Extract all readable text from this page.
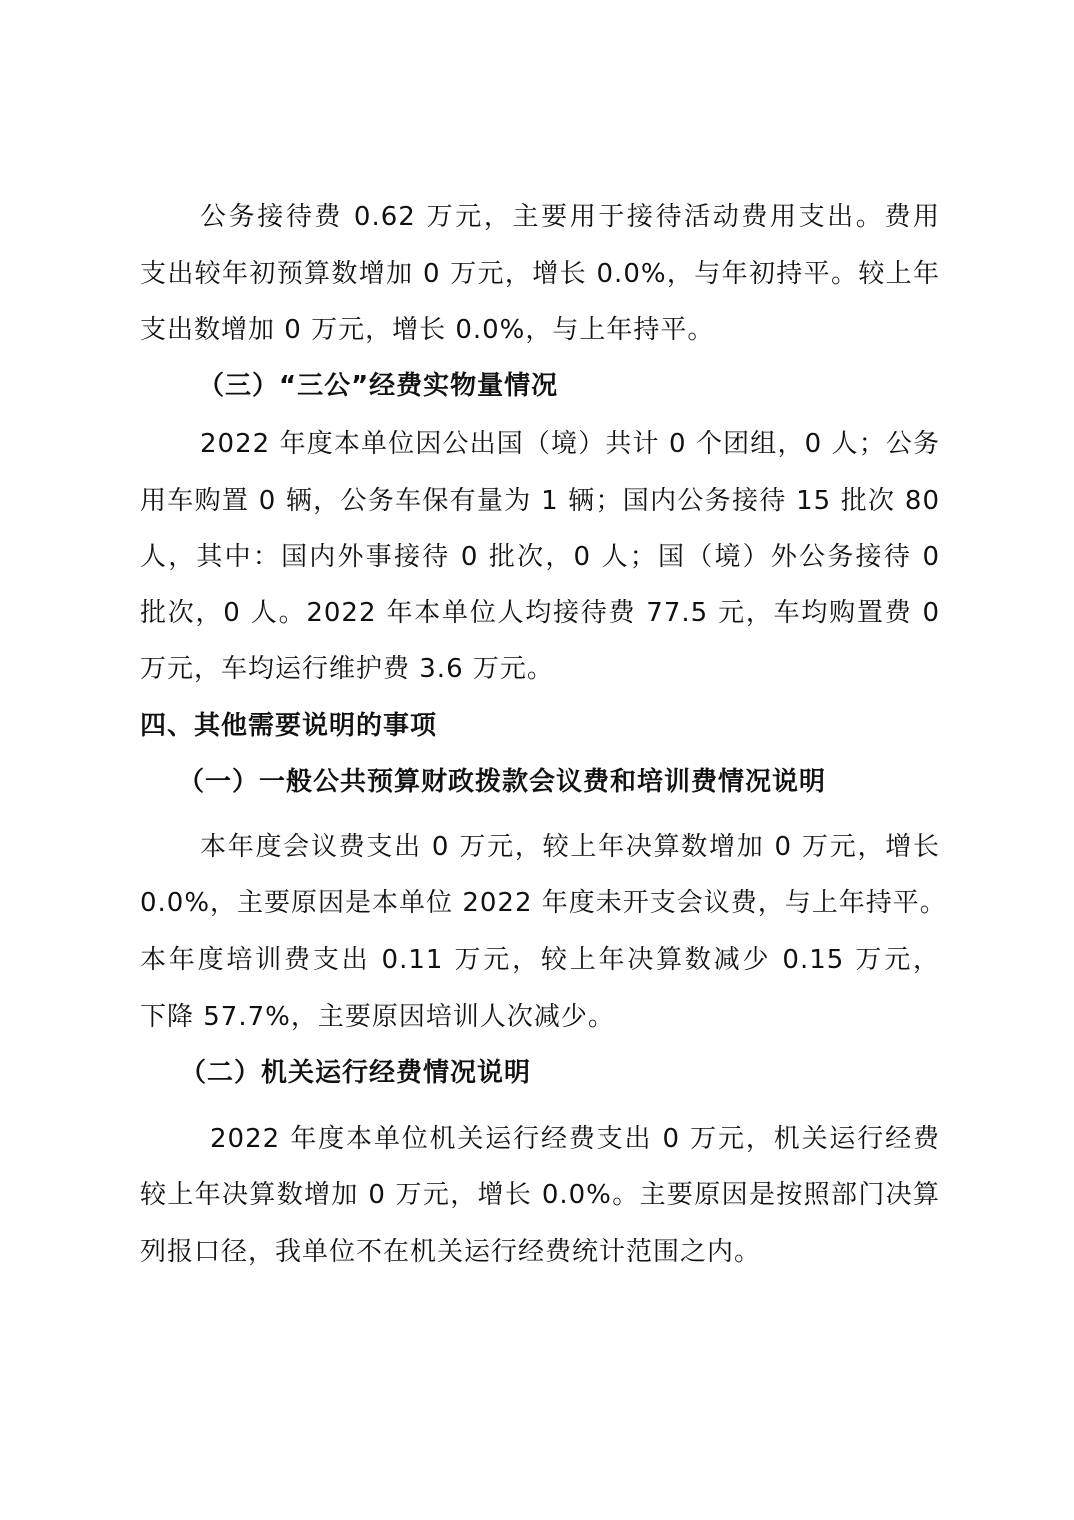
公务接待费 0.62 万元，主要用于接待活动费用支出。费用
支出较年初预算数增加 0 万元，增长 0.0%，与年初持平。较上年
支出数增加 0 万元，增长 0.0%，与上年持平。
（三）“三公”经费实物量情况
2022 年度本单位因公出国（境）共计 0 个团组，0 人；公务
用车购置 0 辆，公务车保有量为 1 辆；国内公务接待 15 批次 80
人，其中：国内外事接待 0 批次，0 人；国（境）外公务接待 0
批次，0 人。2022 年本单位人均接待费 77.5 元，车均购置费 0
万元，车均运行维护费 3.6 万元。
四、其他需要说明的事项
（一）一般公共预算财政拨款会议费和培训费情况说明
本年度会议费支出 0 万元，较上年决算数增加 0 万元，增长
0.0%，主要原因是本单位 2022 年度未开支会议费，与上年持平。
本年度培训费支出 0.11 万元，较上年决算数减少 0.15 万元，
下降 57.7%，主要原因培训人次减少。
（二）机关运行经费情况说明
2022 年度本单位机关运行经费支出 0 万元，机关运行经费
较上年决算数增加 0 万元，增长 0.0%。主要原因是按照部门决算
列报口径，我单位不在机关运行经费统计范围之内。
